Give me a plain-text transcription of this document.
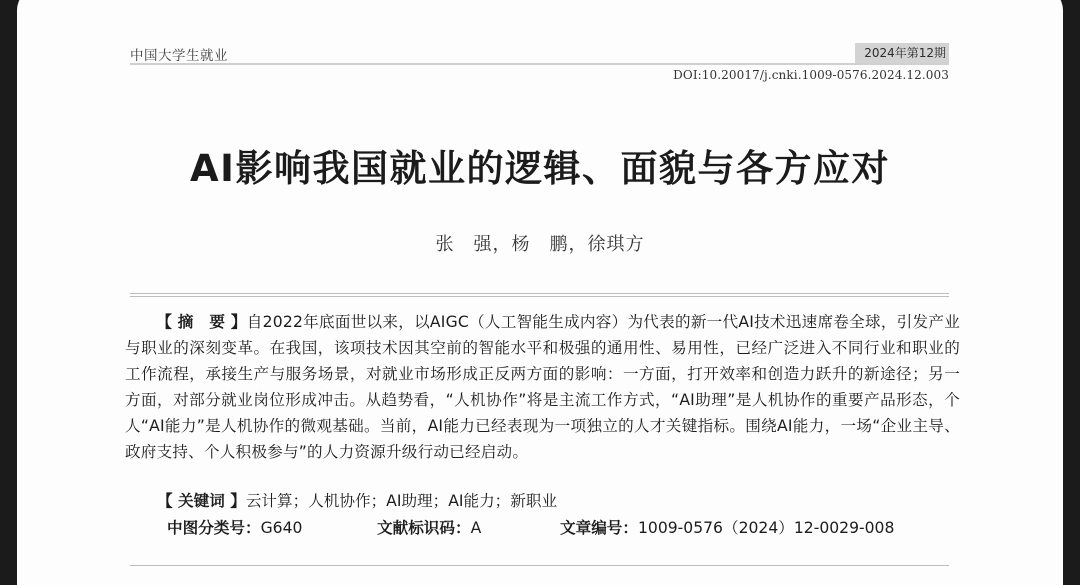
中国大学生就业	2024年第12期
DOI:10.20017/j.cnki.1009-0576.2024.12.003
AI影响我国就业的逻辑、面貌与各方应对
张　强，杨　鹏，徐琪方
【 摘　要 】自2022年底面世以来，以AIGC（人工智能生成内容）为代表的新一代AI技术迅速席卷全球，引发产业与职业的深刻变革。在我国，该项技术因其空前的智能水平和极强的通用性、易用性，已经广泛进入不同行业和职业的工作流程，承接生产与服务场景，对就业市场形成正反两方面的影响：一方面，打开效率和创造力跃升的新途径；另一方面，对部分就业岗位形成冲击。从趋势看，“人机协作”将是主流工作方式，“AI助理”是人机协作的重要产品形态，个人“AI能力”是人机协作的微观基础。当前，AI能力已经表现为一项独立的人才关键指标。围绕AI能力，一场“企业主导、政府支持、个人积极参与”的人力资源升级行动已经启动。
【 关键词 】云计算；人机协作；AI助理；AI能力；新职业
中图分类号：G640	文献标识码：A	文章编号：1009-0576（2024）12-0029-008
